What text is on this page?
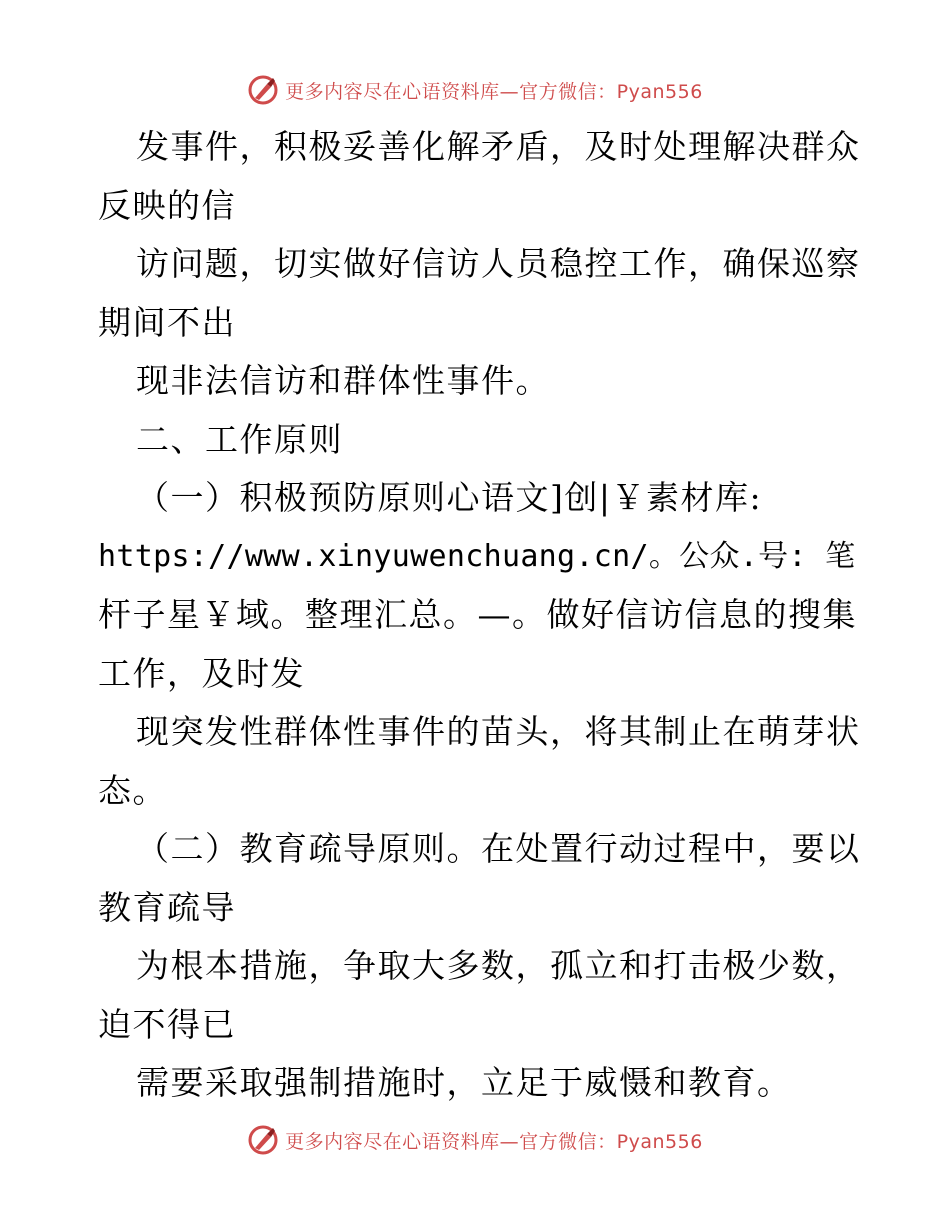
更多内容尽在心语资料库—官方微信：Pyan556

发事件，积极妥善化解矛盾，及时处理解决群众

反映的信

访问题，切实做好信访人员稳控工作，确保巡察

期间不出

现非法信访和群体性事件。

二、工作原则

（一）积极预防原则心语文]创|￥素材库:

https://www.xinyuwenchuang.cn/。公众.号: 笔

杆子星￥域。整理汇总。—。做好信访信息的搜集

工作，及时发

现突发性群体性事件的苗头，将其制止在萌芽状

态。

（二）教育疏导原则。在处置行动过程中，要以

教育疏导

为根本措施，争取大多数，孤立和打击极少数，

迫不得已

需要采取强制措施时，立足于威慑和教育。

更多内容尽在心语资料库—官方微信：Pyan556
